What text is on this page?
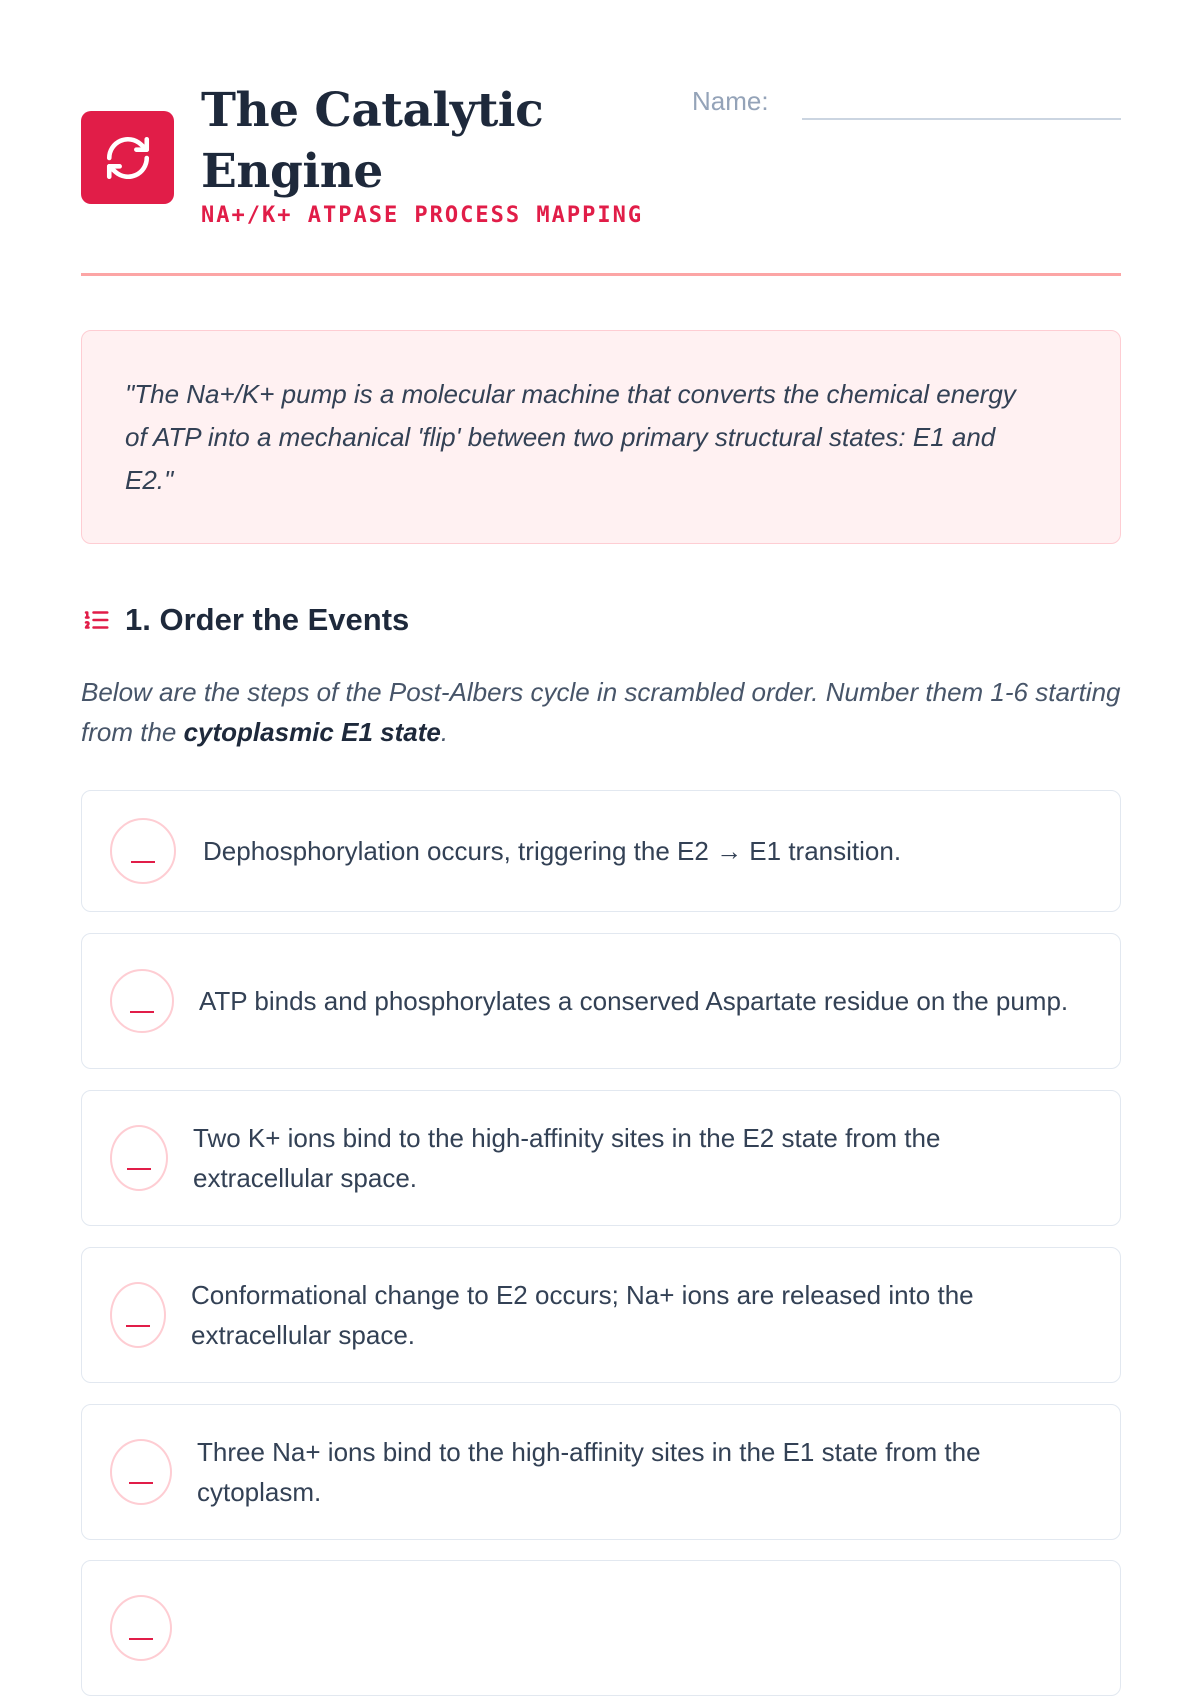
The Catalytic Engine

NA+/K+ ATPASE PROCESS MAPPING

Name:
"The Na+/K+ pump is a molecular machine that converts the chemical energy of ATP into a mechanical 'flip' between two primary structural states: E1 and E2."
1. Order the Events

Below are the steps of the Post-Albers cycle in scrambled order. Number them 1-6 starting from the cytoplasmic E1 state.

Dephosphorylation occurs, triggering the E2 → E1 transition.
ATP binds and phosphorylates a conserved Aspartate residue on the pump.
Two K+ ions bind to the high-affinity sites in the E2 state from the extracellular space.
Conformational change to E2 occurs; Na+ ions are released into the extracellular space.
Three Na+ ions bind to the high-affinity sites in the E1 state from the cytoplasm.
